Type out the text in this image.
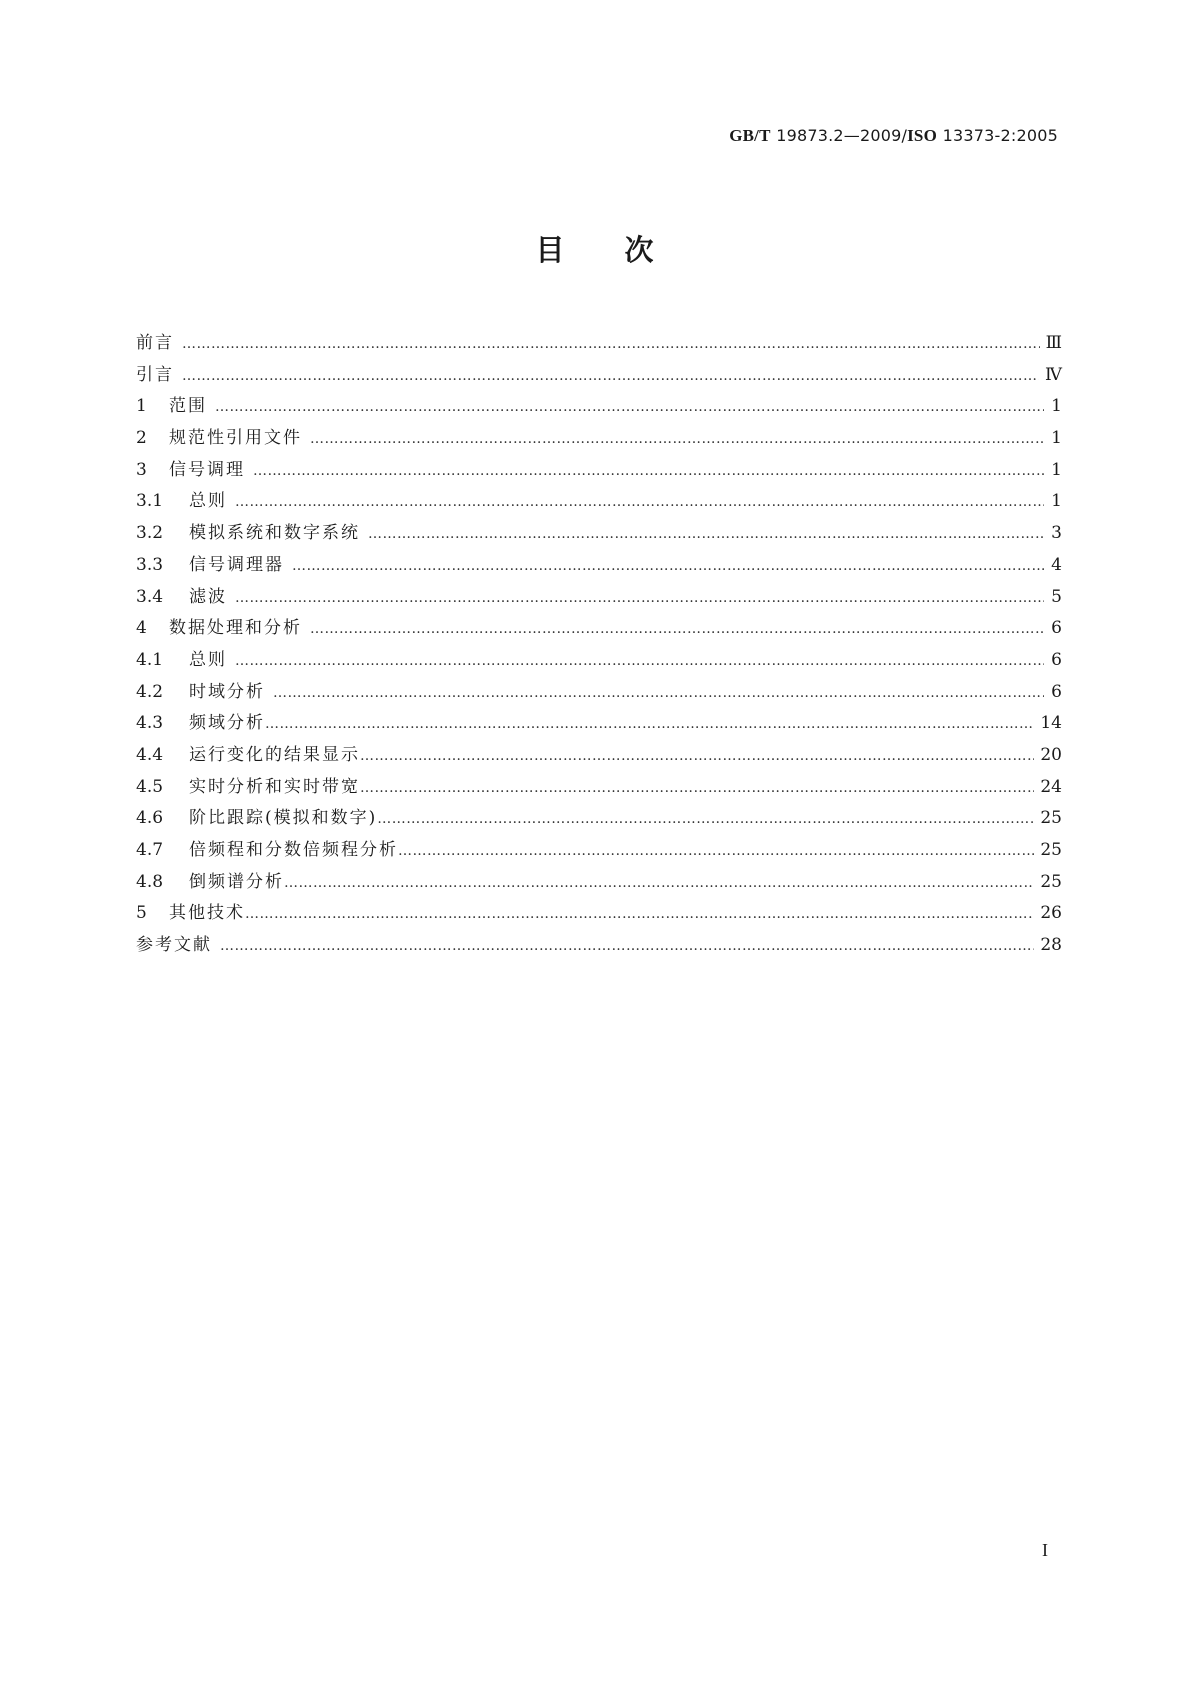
GB/T 19873.2—2009/ISO 13373-2:2005
目 次
前言 …………………………………………………………………………………………………………………………………………………………………………………………………………………………………………………………	Ⅲ
引言 …………………………………………………………………………………………………………………………………………………………………………………………………………………………………………………………	Ⅳ
1	范围 …………………………………………………………………………………………………………………………………………………………………………………………………………………………………………………………	1
2	规范性引用文件 …………………………………………………………………………………………………………………………………………………………………………………………………………………………………………………………	1
3	信号调理 …………………………………………………………………………………………………………………………………………………………………………………………………………………………………………………………	1
3.1	总则 …………………………………………………………………………………………………………………………………………………………………………………………………………………………………………………………	1
3.2	模拟系统和数字系统 …………………………………………………………………………………………………………………………………………………………………………………………………………………………………………………………	3
3.3	信号调理器 …………………………………………………………………………………………………………………………………………………………………………………………………………………………………………………………	4
3.4	滤波 …………………………………………………………………………………………………………………………………………………………………………………………………………………………………………………………	5
4	数据处理和分析 …………………………………………………………………………………………………………………………………………………………………………………………………………………………………………………………	6
4.1	总则 …………………………………………………………………………………………………………………………………………………………………………………………………………………………………………………………	6
4.2	时域分析 …………………………………………………………………………………………………………………………………………………………………………………………………………………………………………………………	6
4.3	频域分析 …………………………………………………………………………………………………………………………………………………………………………………………………………………………………………………………	14
4.4	运行变化的结果显示 …………………………………………………………………………………………………………………………………………………………………………………………………………………………………………………………	20
4.5	实时分析和实时带宽 …………………………………………………………………………………………………………………………………………………………………………………………………………………………………………………………	24
4.6	阶比跟踪(模拟和数字) …………………………………………………………………………………………………………………………………………………………………………………………………………………………………………………………	25
4.7	倍频程和分数倍频程分析 …………………………………………………………………………………………………………………………………………………………………………………………………………………………………………………………	25
4.8	倒频谱分析 …………………………………………………………………………………………………………………………………………………………………………………………………………………………………………………………	25
5	其他技术 …………………………………………………………………………………………………………………………………………………………………………………………………………………………………………………………	26
参考文献 …………………………………………………………………………………………………………………………………………………………………………………………………………………………………………………………	28
I
